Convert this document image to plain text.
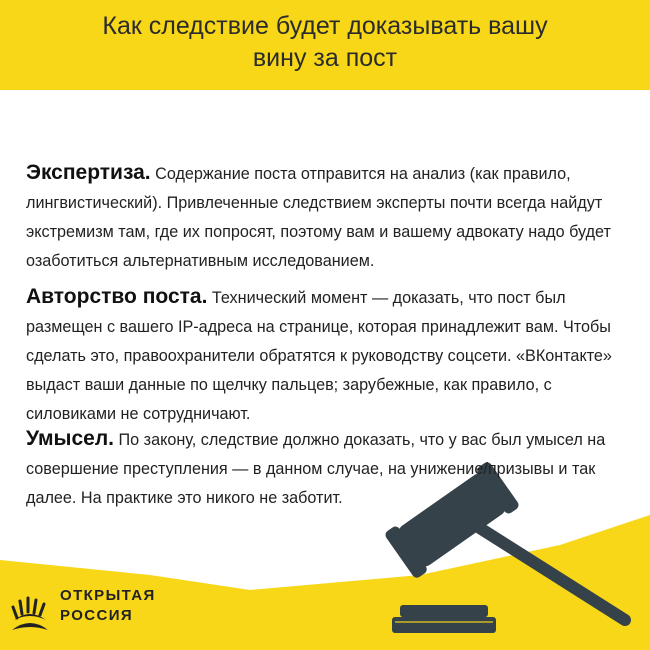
Как следствие будет доказывать вашу
вину за пост
Экспертиза. Содержание поста отправится на анализ (как правило, лингвистический). Привлеченные следствием эксперты почти всегда найдут экстремизм там, где их попросят, поэтому вам и вашему адвокату надо будет озаботиться альтернативным исследованием.
Авторство поста. Технический момент — доказать, что пост был размещен с вашего IP-адреса на странице, которая принадлежит вам. Чтобы сделать это, правоохранители обратятся к руководству соцсети. «ВКонтакте» выдаст ваши данные по щелчку пальцев; зарубежные, как правило, с силовиками не сотрудничают.
Умысел. По закону, следствие должно доказать, что у вас был умысел на совершение преступления — в данном случае, на унижение/призывы и так далее. На практике это никого не заботит.
ОТКРЫТАЯ
РОССИЯ
